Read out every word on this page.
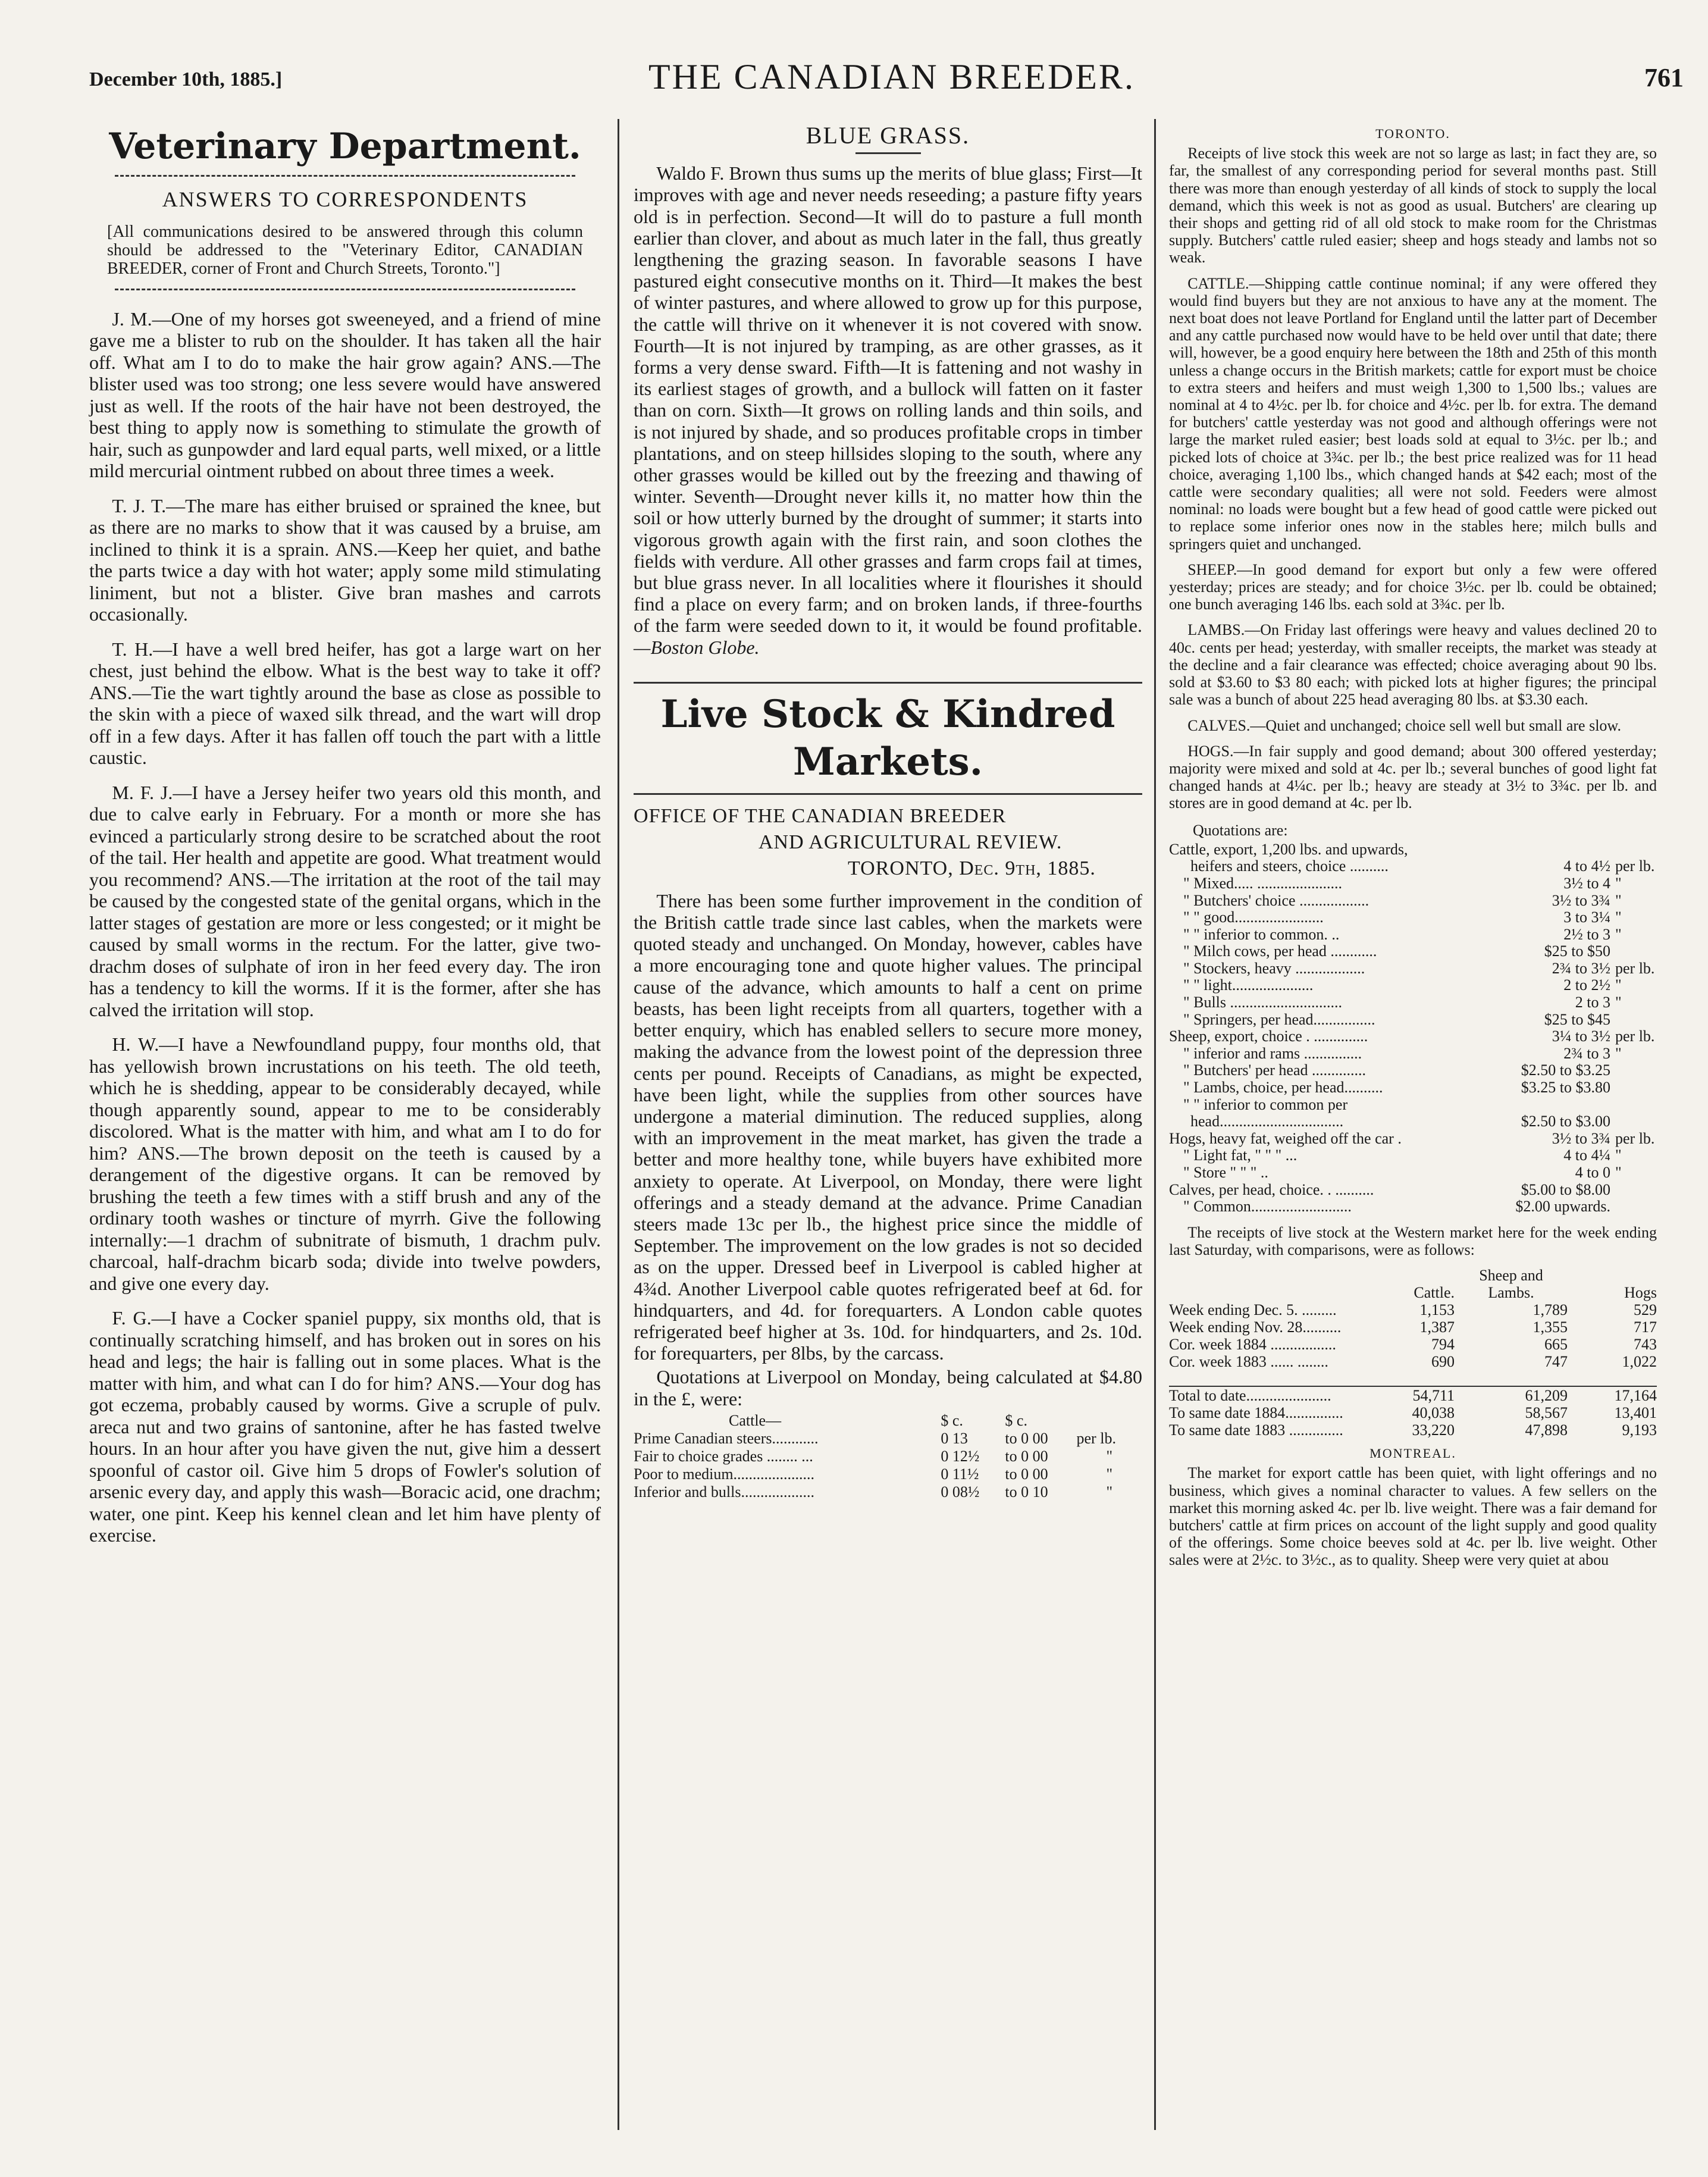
December 10th, 1885.]	THE CANADIAN BREEDER.	761
Veterinary Department.
ANSWERS TO CORRESPONDENTS
[All communications desired to be answered through this column should be addressed to the "Veterinary Editor, CANADIAN BREEDER, corner of Front and Church Streets, Toronto."]

J. M.—One of my horses got sweeneyed, and a friend of mine gave me a blister to rub on the shoulder. It has taken all the hair off. What am I to do to make the hair grow again? ANS.—The blister used was too strong; one less severe would have answered just as well. If the roots of the hair have not been destroyed, the best thing to apply now is something to stimulate the growth of hair, such as gunpowder and lard equal parts, well mixed, or a little mild mercurial ointment rubbed on about three times a week.

T. J. T.—The mare has either bruised or sprained the knee, but as there are no marks to show that it was caused by a bruise, am inclined to think it is a sprain. ANS.—Keep her quiet, and bathe the parts twice a day with hot water; apply some mild stimulating liniment, but not a blister. Give bran mashes and carrots occasionally.

T. H.—I have a well bred heifer, has got a large wart on her chest, just behind the elbow. What is the best way to take it off? ANS.—Tie the wart tightly around the base as close as possible to the skin with a piece of waxed silk thread, and the wart will drop off in a few days. After it has fallen off touch the part with a little caustic.

M. F. J.—I have a Jersey heifer two years old this month, and due to calve early in February. For a month or more she has evinced a particularly strong desire to be scratched about the root of the tail. Her health and appetite are good. What treatment would you recommend? ANS.—The irritation at the root of the tail may be caused by the congested state of the genital organs, which in the latter stages of gestation are more or less congested; or it might be caused by small worms in the rectum. For the latter, give two-drachm doses of sulphate of iron in her feed every day. The iron has a tendency to kill the worms. If it is the former, after she has calved the irritation will stop.

H. W.—I have a Newfoundland puppy, four months old, that has yellowish brown incrustations on his teeth. The old teeth, which he is shedding, appear to be considerably decayed, while though apparently sound, appear to me to be considerably discolored. What is the matter with him, and what am I to do for him? ANS.—The brown deposit on the teeth is caused by a derangement of the digestive organs. It can be removed by brushing the teeth a few times with a stiff brush and any of the ordinary tooth washes or tincture of myrrh. Give the following internally:—1 drachm of subnitrate of bismuth, 1 drachm pulv. charcoal, half-drachm bicarb soda; divide into twelve powders, and give one every day.

F. G.—I have a Cocker spaniel puppy, six months old, that is continually scratching himself, and has broken out in sores on his head and legs; the hair is falling out in some places. What is the matter with him, and what can I do for him? ANS.—Your dog has got eczema, probably caused by worms. Give a scruple of pulv. areca nut and two grains of santonine, after he has fasted twelve hours. In an hour after you have given the nut, give him a dessert spoonful of castor oil. Give him 5 drops of Fowler's solution of arsenic every day, and apply this wash—Boracic acid, one drachm; water, one pint. Keep his kennel clean and let him have plenty of exercise.

BLUE GRASS.

Waldo F. Brown thus sums up the merits of blue glass; First—It improves with age and never needs reseeding; a pasture fifty years old is in perfection. Second—It will do to pasture a full month earlier than clover, and about as much later in the fall, thus greatly lengthening the grazing season. In favorable seasons I have pastured eight consecutive months on it. Third—It makes the best of winter pastures, and where allowed to grow up for this purpose, the cattle will thrive on it whenever it is not covered with snow. Fourth—It is not injured by tramping, as are other grasses, as it forms a very dense sward. Fifth—It is fattening and not washy in its earliest stages of growth, and a bullock will fatten on it faster than on corn. Sixth—It grows on rolling lands and thin soils, and is not injured by shade, and so produces profitable crops in timber plantations, and on steep hillsides sloping to the south, where any other grasses would be killed out by the freezing and thawing of winter. Seventh—Drought never kills it, no matter how thin the soil or how utterly burned by the drought of summer; it starts into vigorous growth again with the first rain, and soon clothes the fields with verdure. All other grasses and farm crops fail at times, but blue grass never. In all localities where it flourishes it should find a place on every farm; and on broken lands, if three-fourths of the farm were seeded down to it, it would be found profitable.—Boston Globe.

Live Stock & Kindred Markets.
OFFICE OF THE CANADIAN BREEDER
AND AGRICULTURAL REVIEW.
TORONTO, Dec. 9th, 1885.

There has been some further improvement in the condition of the British cattle trade since last cables, when the markets were quoted steady and unchanged. On Monday, however, cables have a more encouraging tone and quote higher values. The principal cause of the advance, which amounts to half a cent on prime beasts, has been light receipts from all quarters, together with a better enquiry, which has enabled sellers to secure more money, making the advance from the lowest point of the depression three cents per pound. Receipts of Canadians, as might be expected, have been light, while the supplies from other sources have undergone a material diminution. The reduced supplies, along with an improvement in the meat market, has given the trade a better and more healthy tone, while buyers have exhibited more anxiety to operate. At Liverpool, on Monday, there were light offerings and a steady demand at the advance. Prime Canadian steers made 13c per lb., the highest price since the middle of September. The improvement on the low grades is not so decided as on the upper. Dressed beef in Liverpool is cabled higher at 4¾d. Another Liverpool cable quotes refrigerated beef at 6d. for hindquarters, and 4d. for forequarters. A London cable quotes refrigerated beef higher at 3s. 10d. for hindquarters, and 2s. 10d. for forequarters, per 8lbs, by the carcass.

Quotations at Liverpool on Monday, being calculated at $4.80 in the £, were:

Cattle—	$ c.	$ c.	
Prime Canadian steers............	0 13	to 0 00	per lb.
Fair to choice grades ........ ...	0 12½	to 0 00	"
Poor to medium.....................	0 11½	to 0 00	"
Inferior and bulls...................	0 08½	to 0 10	"
TORONTO.

Receipts of live stock this week are not so large as last; in fact they are, so far, the smallest of any corresponding period for several months past. Still there was more than enough yesterday of all kinds of stock to supply the local demand, which this week is not as good as usual. Butchers' are clearing up their shops and getting rid of all old stock to make room for the Christmas supply. Butchers' cattle ruled easier; sheep and hogs steady and lambs not so weak.

CATTLE.—Shipping cattle continue nominal; if any were offered they would find buyers but they are not anxious to have any at the moment. The next boat does not leave Portland for England until the latter part of December and any cattle purchased now would have to be held over until that date; there will, however, be a good enquiry here between the 18th and 25th of this month unless a change occurs in the British markets; cattle for export must be choice to extra steers and heifers and must weigh 1,300 to 1,500 lbs.; values are nominal at 4 to 4½c. per lb. for choice and 4½c. per lb. for extra. The demand for butchers' cattle yesterday was not good and although offerings were not large the market ruled easier; best loads sold at equal to 3½c. per lb.; and picked lots of choice at 3¾c. per lb.; the best price realized was for 11 head choice, averaging 1,100 lbs., which changed hands at $42 each; most of the cattle were secondary qualities; all were not sold. Feeders were almost nominal: no loads were bought but a few head of good cattle were picked out to replace some inferior ones now in the stables here; milch bulls and springers quiet and unchanged.

SHEEP.—In good demand for export but only a few were offered yesterday; prices are steady; and for choice 3½c. per lb. could be obtained; one bunch averaging 146 lbs. each sold at 3¾c. per lb.

LAMBS.—On Friday last offerings were heavy and values declined 20 to 40c. cents per head; yesterday, with smaller receipts, the market was steady at the decline and a fair clearance was effected; choice averaging about 90 lbs. sold at $3.60 to $3 80 each; with picked lots at higher figures; the principal sale was a bunch of about 225 head averaging 80 lbs. at $3.30 each.

CALVES.—Quiet and unchanged; choice sell well but small are slow.

HOGS.—In fair supply and good demand; about 300 offered yesterday; majority were mixed and sold at 4c. per lb.; several bunches of good light fat changed hands at 4¼c. per lb.; heavy are steady at 3½ to 3¾c. per lb. and stores are in good demand at 4c. per lb.

Quotations are:
Cattle, export, 1,200 lbs. and upwards,		
heifers and steers, choice ..........	4 to 4½	per lb.
" Mixed..... ......................	3½ to 4	"
" Butchers' choice ..................	3½ to 3¾	"
" " good.......................	3 to 3¼	"
" " inferior to common. ..	2½ to 3	"
" Milch cows, per head ............	$25 to $50	
" Stockers, heavy ..................	2¾ to 3½	per lb.
" " light.....................	2 to 2½	"
" Bulls .............................	2 to 3	"
" Springers, per head................	$25 to $45	
Sheep, export, choice . ..............	3¼ to 3½	per lb.
" inferior and rams ...............	2¾ to 3	"
" Butchers' per head ..............	$2.50 to $3.25	
" Lambs, choice, per head..........	$3.25 to $3.80	
" " inferior to common per		
head................................	$2.50 to $3.00	
Hogs, heavy fat, weighed off the car .	3½ to 3¾	per lb.
" Light fat, " " " ...	4 to 4¼	"
" Store " " " ..	4 to 0	"
Calves, per head, choice. . ..........	$5.00 to $8.00	
" Common..........................	$2.00 upwards.	

The receipts of live stock at the Western market here for the week ending last Saturday, with comparisons, were as follows:

	Cattle.	Sheep and Lambs.	Hogs
Week ending Dec. 5. .........	1,153	1,789	529
Week ending Nov. 28..........	1,387	1,355	717
Cor. week 1884 .................	794	665	743
Cor. week 1883 ...... ........	690	747	1,022

Total to date......................	54,711	61,209	17,164
To same date 1884...............	40,038	58,567	13,401
To same date 1883 ..............	33,220	47,898	9,193
MONTREAL.

The market for export cattle has been quiet, with light offerings and no business, which gives a nominal character to values. A few sellers on the market this morning asked 4c. per lb. live weight. There was a fair demand for butchers' cattle at firm prices on account of the light supply and good quality of the offerings. Some choice beeves sold at 4c. per lb. live weight. Other sales were at 2½c. to 3½c., as to quality. Sheep were very quiet at abou
